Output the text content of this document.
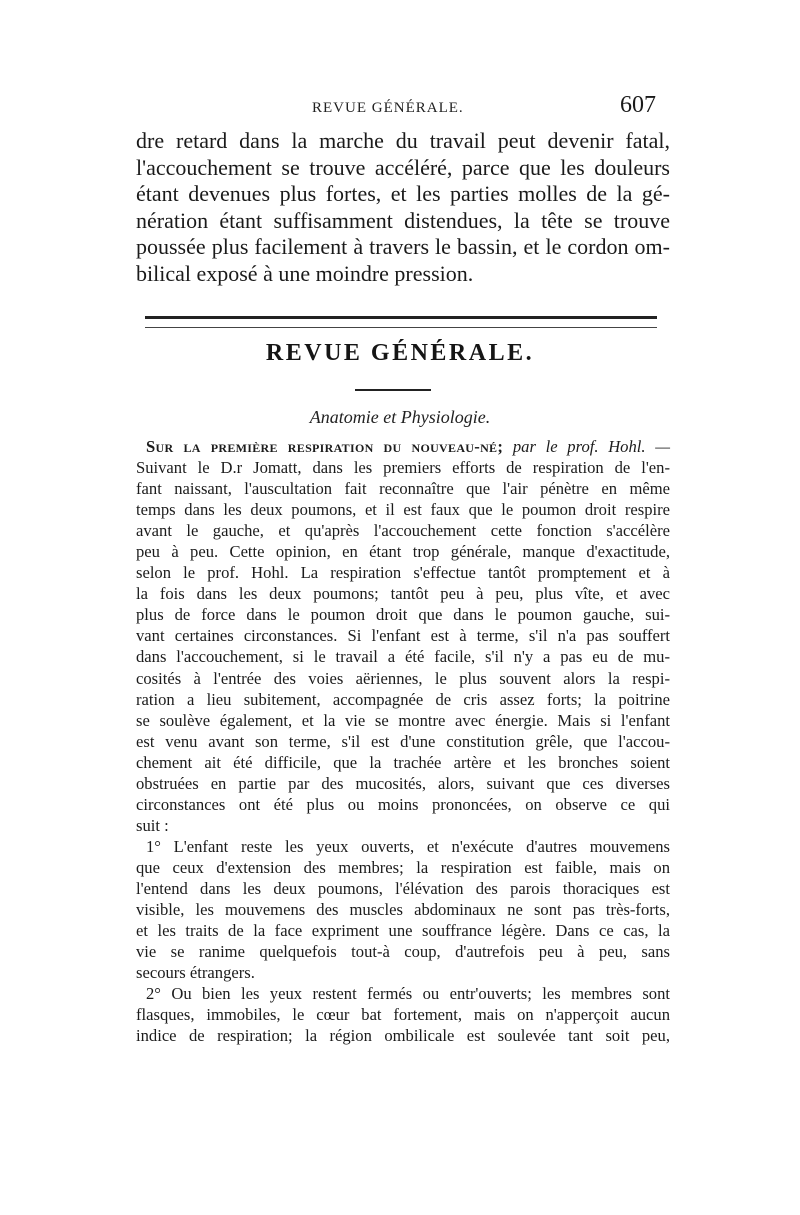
REVUE GÉNÉRALE.	607
dre retard dans la marche du travail peut devenir fatal,
l'accouchement se trouve accéléré, parce que les douleurs
étant devenues plus fortes, et les parties molles de la gé-
nération étant suffisamment distendues, la tête se trouve
poussée plus facilement à travers le bassin, et le cordon om-
bilical exposé à une moindre pression.
REVUE GÉNÉRALE.
Anatomie et Physiologie.
Sur la première respiration du nouveau-né; par le prof. Hohl. —
Suivant le D.r Jomatt, dans les premiers efforts de respiration de l'en-
fant naissant, l'auscultation fait reconnaître que l'air pénètre en même
temps dans les deux poumons, et il est faux que le poumon droit respire
avant le gauche, et qu'après l'accouchement cette fonction s'accélère
peu à peu. Cette opinion, en étant trop générale, manque d'exactitude,
selon le prof. Hohl. La respiration s'effectue tantôt promptement et à
la fois dans les deux poumons; tantôt peu à peu, plus vîte, et avec
plus de force dans le poumon droit que dans le poumon gauche, sui-
vant certaines circonstances. Si l'enfant est à terme, s'il n'a pas souffert
dans l'accouchement, si le travail a été facile, s'il n'y a pas eu de mu-
cosités à l'entrée des voies aëriennes, le plus souvent alors la respi-
ration a lieu subitement, accompagnée de cris assez forts; la poitrine
se soulève également, et la vie se montre avec énergie. Mais si l'enfant
est venu avant son terme, s'il est d'une constitution grêle, que l'accou-
chement ait été difficile, que la trachée artère et les bronches soient
obstruées en partie par des mucosités, alors, suivant que ces diverses
circonstances ont été plus ou moins prononcées, on observe ce qui
suit :
1° L'enfant reste les yeux ouverts, et n'exécute d'autres mouvemens
que ceux d'extension des membres; la respiration est faible, mais on
l'entend dans les deux poumons, l'élévation des parois thoraciques est
visible, les mouvemens des muscles abdominaux ne sont pas très-forts,
et les traits de la face expriment une souffrance légère. Dans ce cas, la
vie se ranime quelquefois tout-à coup, d'autrefois peu à peu, sans
secours étrangers.
2° Ou bien les yeux restent fermés ou entr'ouverts; les membres sont
flasques, immobiles, le cœur bat fortement, mais on n'apperçoit aucun
indice de respiration; la région ombilicale est soulevée tant soit peu,
